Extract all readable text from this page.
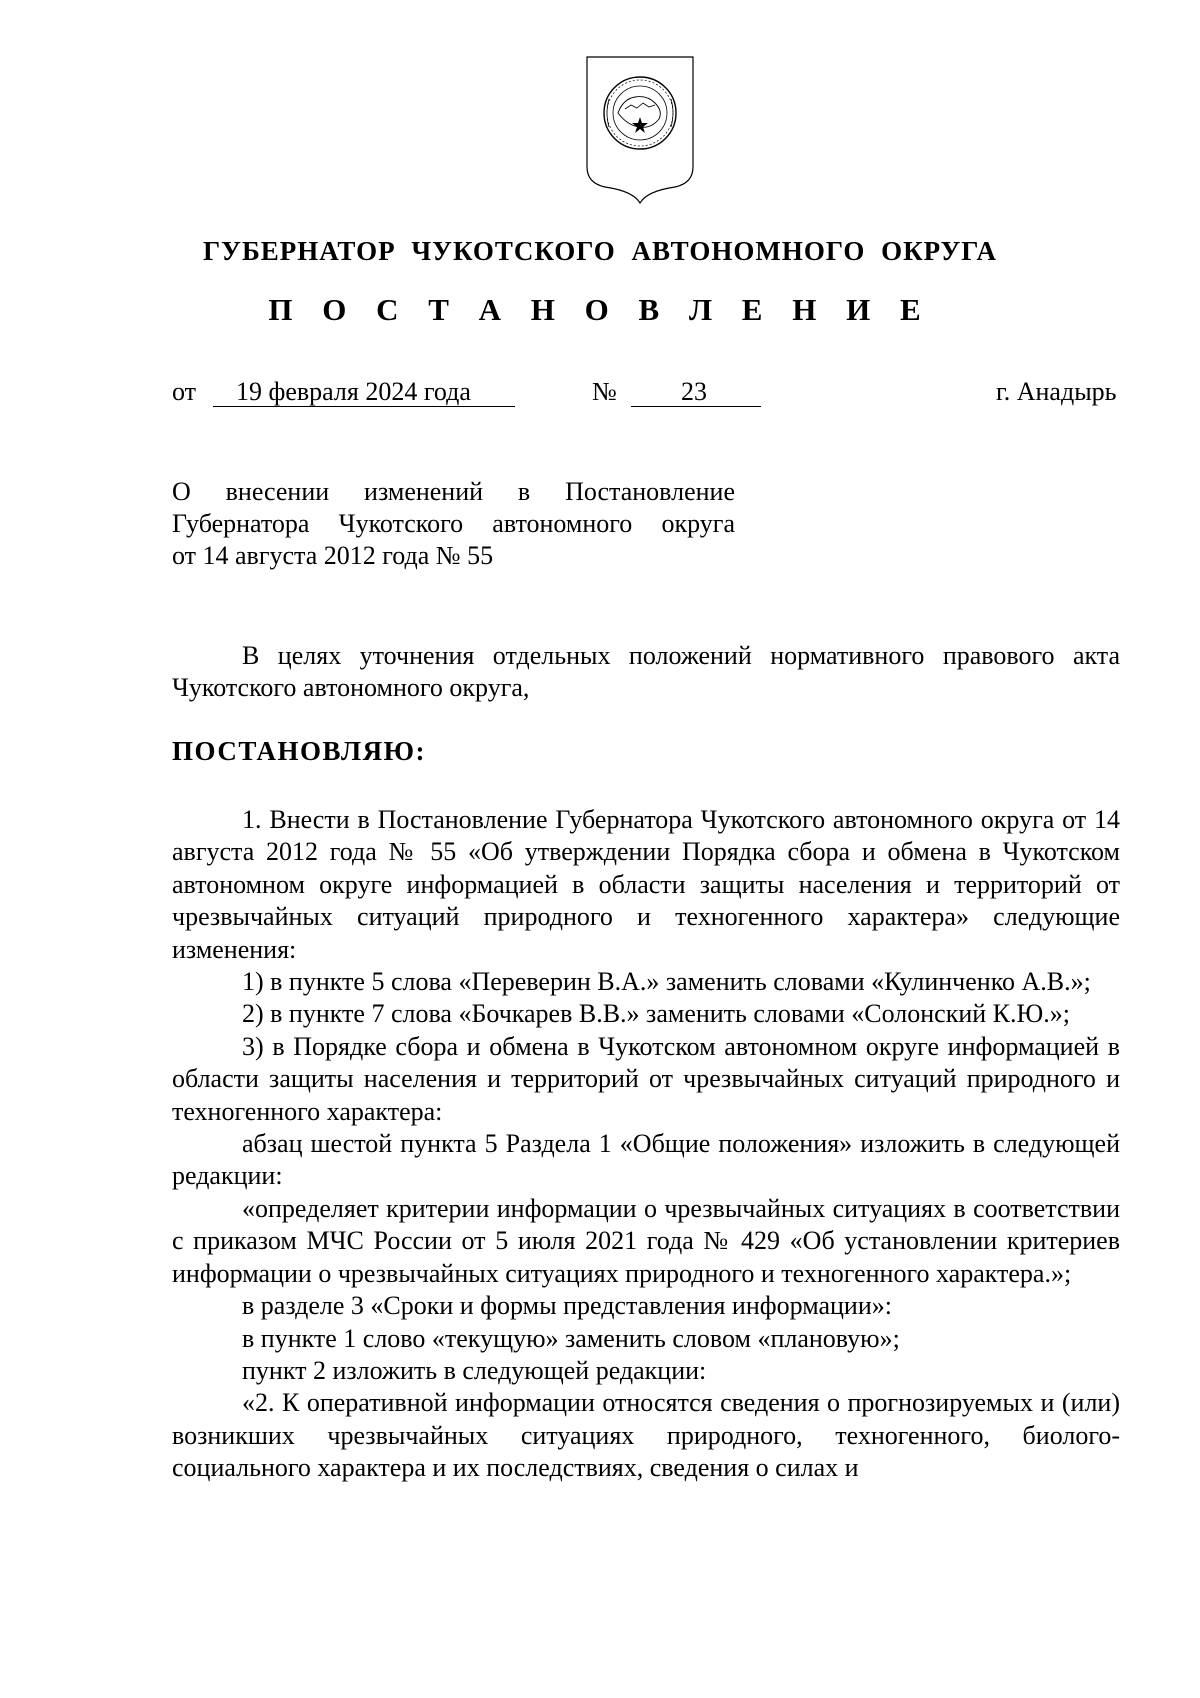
ГУБЕРНАТОР ЧУКОТСКОГО АВТОНОМНОГО ОКРУГА
П О С Т А Н О В Л Е Н И Е
от 19 февраля 2024 года	№ 23	г. Анадырь
О внесении изменений в Постановление
Губернатора Чукотского автономного округа
от 14 августа 2012 года № 55

В целях уточнения отдельных положений нормативного правового акта Чукотского автономного округа,

ПОСТАНОВЛЯЮ:

1. Внести в Постановление Губернатора Чукотского автономного округа от 14 августа 2012 года № 55 «Об утверждении Порядка сбора и обмена в Чукотском автономном округе информацией в области защиты населения и территорий от чрезвычайных ситуаций природного и техногенного характера» следующие изменения:

1) в пункте 5 слова «Переверин В.А.» заменить словами «Кулинченко А.В.»;

2) в пункте 7 слова «Бочкарев В.В.» заменить словами «Солонский К.Ю.»;

3) в Порядке сбора и обмена в Чукотском автономном округе информацией в области защиты населения и территорий от чрезвычайных ситуаций природного и техногенного характера:

абзац шестой пункта 5 Раздела 1 «Общие положения» изложить в следующей редакции:

«определяет критерии информации о чрезвычайных ситуациях в соответствии с приказом МЧС России от 5 июля 2021 года № 429 «Об установлении критериев информации о чрезвычайных ситуациях природного и техногенного характера.»;

в разделе 3 «Сроки и формы представления информации»:

в пункте 1 слово «текущую» заменить словом «плановую»;

пункт 2 изложить в следующей редакции:

«2. К оперативной информации относятся сведения о прогнозируемых и (или) возникших чрезвычайных ситуациях природного, техногенного, биолого-социального характера и их последствиях, сведения о силах и
